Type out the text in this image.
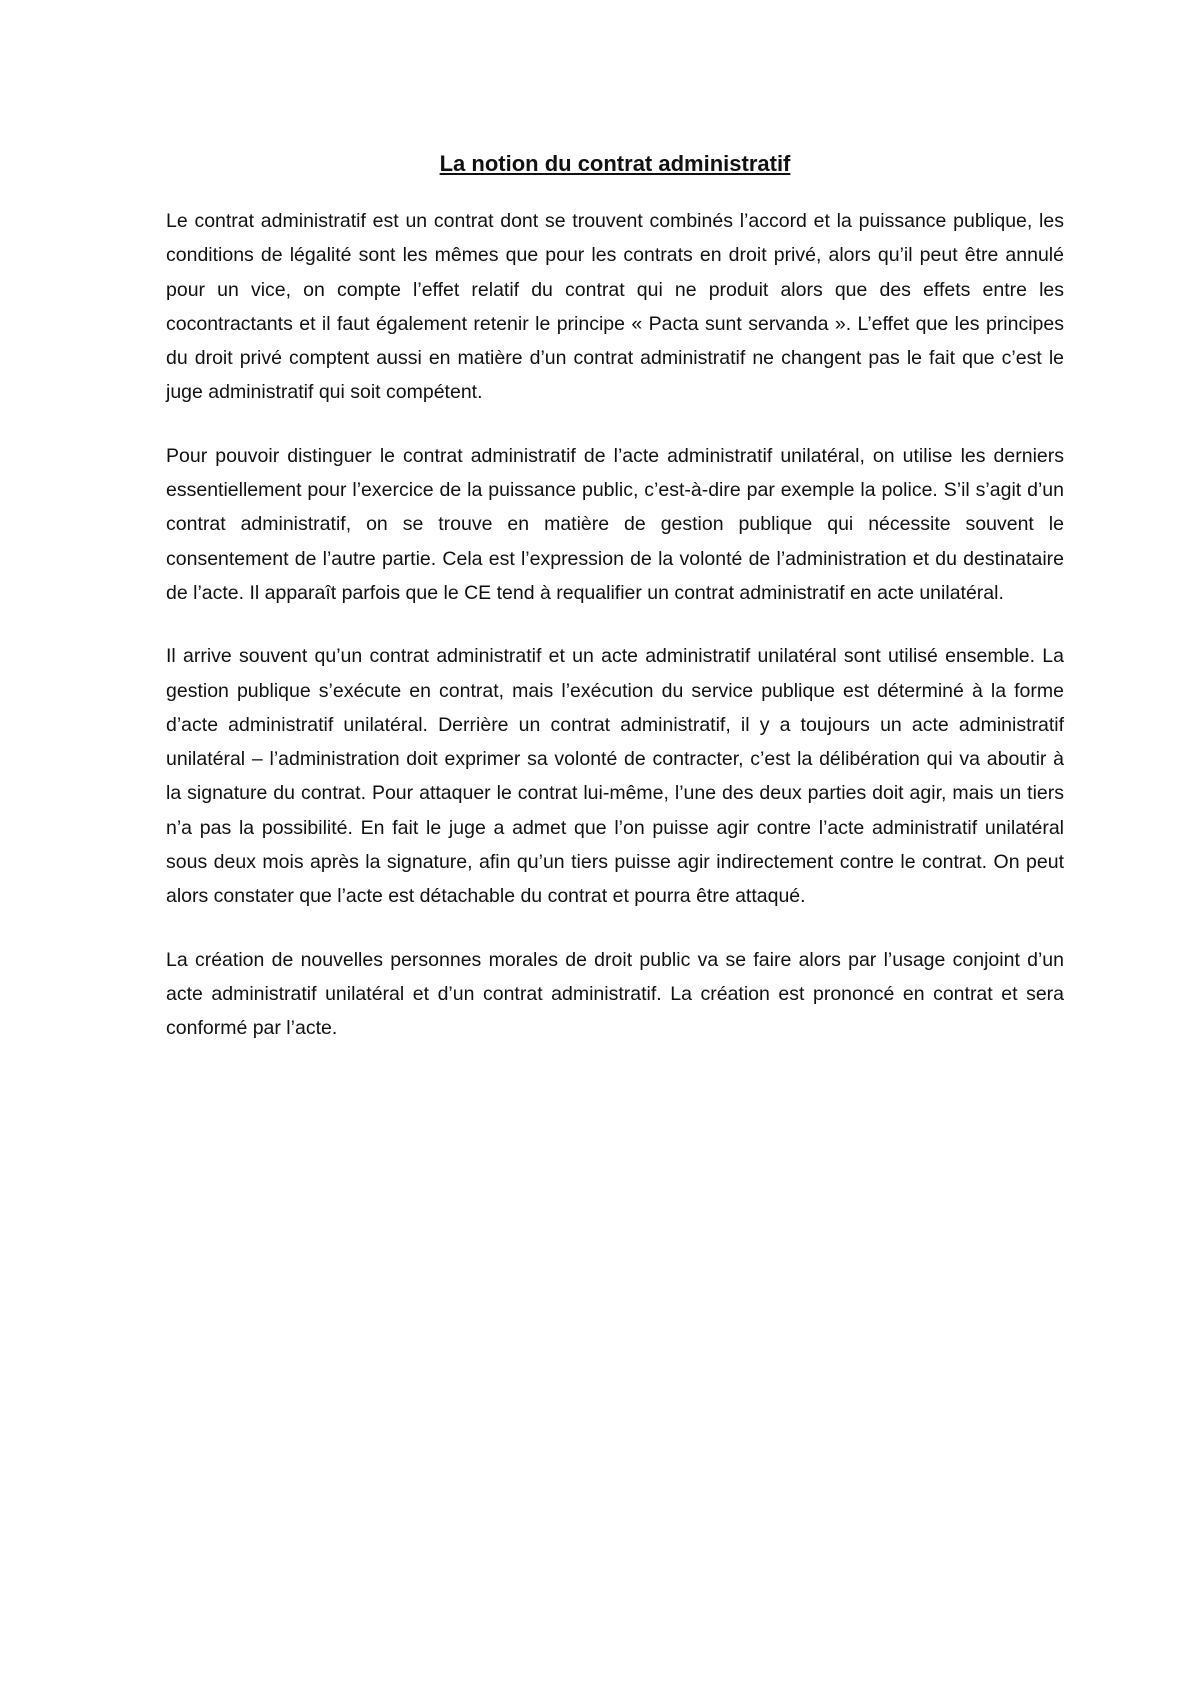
La notion du contrat administratif

Le contrat administratif est un contrat dont se trouvent combinés l’accord et la puissance publique, les conditions de légalité sont les mêmes que pour les contrats en droit privé, alors qu’il peut être annulé pour un vice, on compte l’effet relatif du contrat qui ne produit alors que des effets entre les cocontractants et il faut également retenir le principe « Pacta sunt servanda ». L’effet que les principes du droit privé comptent aussi en matière d’un contrat administratif ne changent pas le fait que c’est le juge administratif qui soit compétent.

Pour pouvoir distinguer le contrat administratif de l’acte administratif unilatéral, on utilise les derniers essentiellement pour l’exercice de la puissance public, c’est-à-dire par exemple la police. S’il s’agit d’un contrat administratif, on se trouve en matière de gestion publique qui nécessite souvent le consentement de l’autre partie. Cela est l’expression de la volonté de l’administration et du destinataire de l’acte. Il apparaît parfois que le CE tend à requalifier un contrat administratif en acte unilatéral.

Il arrive souvent qu’un contrat administratif et un acte administratif unilatéral sont utilisé ensemble. La gestion publique s’exécute en contrat, mais l’exécution du service publique est déterminé à la forme d’acte administratif unilatéral. Derrière un contrat administratif, il y a toujours un acte administratif unilatéral – l’administration doit exprimer sa volonté de contracter, c’est la délibération qui va aboutir à la signature du contrat. Pour attaquer le contrat lui-même, l’une des deux parties doit agir, mais un tiers n’a pas la possibilité. En fait le juge a admet que l’on puisse agir contre l’acte administratif unilatéral sous deux mois après la signature, afin qu’un tiers puisse agir indirectement contre le contrat. On peut alors constater que l’acte est détachable du contrat et pourra être attaqué.

La création de nouvelles personnes morales de droit public va se faire alors par l’usage conjoint d’un acte administratif unilatéral et d’un contrat administratif. La création est prononcé en contrat et sera conformé par l’acte.
